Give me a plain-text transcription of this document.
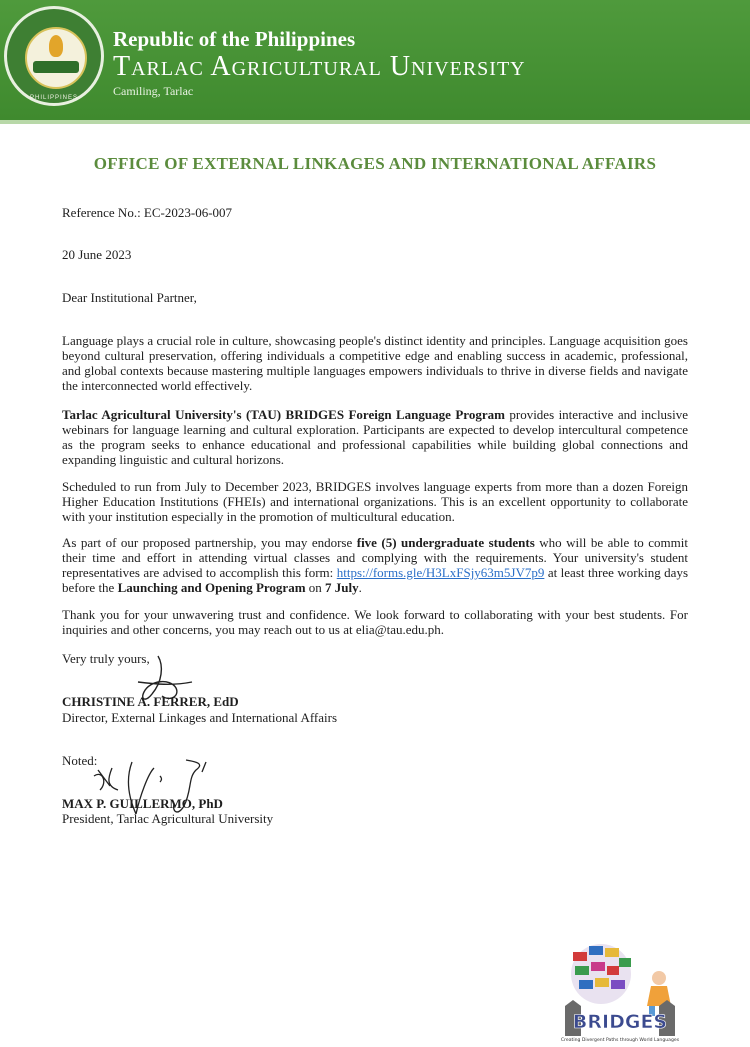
PHILIPPINES
Republic of the Philippines
Tarlac Agricultural University
Camiling, Tarlac
OFFICE OF EXTERNAL LINKAGES AND INTERNATIONAL AFFAIRS
Reference No.: EC-2023-06-007
20 June 2023
Dear Institutional Partner,

Language plays a crucial role in culture, showcasing people's distinct identity and principles. Language acquisition goes beyond cultural preservation, offering individuals a competitive edge and enabling success in academic, professional, and global contexts because mastering multiple languages empowers individuals to thrive in diverse fields and navigate the interconnected world effectively.

Tarlac Agricultural University's (TAU) BRIDGES Foreign Language Program provides interactive and inclusive webinars for language learning and cultural exploration. Participants are expected to develop intercultural competence as the program seeks to enhance educational and professional capabilities while building global connections and expanding linguistic and cultural horizons.

Scheduled to run from July to December 2023, BRIDGES involves language experts from more than a dozen Foreign Higher Education Institutions (FHEIs) and international organizations. This is an excellent opportunity to collaborate with your institution especially in the promotion of multicultural education.

As part of our proposed partnership, you may endorse five (5) undergraduate students who will be able to commit their time and effort in attending virtual classes and complying with the requirements. Your university's student representatives are advised to accomplish this form: https://forms.gle/H3LxFSjy63m5JV7p9 at least three working days before the Launching and Opening Program on 7 July.

Thank you for your unwavering trust and confidence. We look forward to collaborating with your best students. For inquiries and other concerns, you may reach out to us at elia@tau.edu.ph.

Very truly yours,
CHRISTINE A. FERRER, EdD
Director, External Linkages and International Affairs
Noted:
MAX P. GUILLERMO, PhD
President, Tarlac Agricultural University
BRIDGES
Creating Divergent Paths through World Languages
